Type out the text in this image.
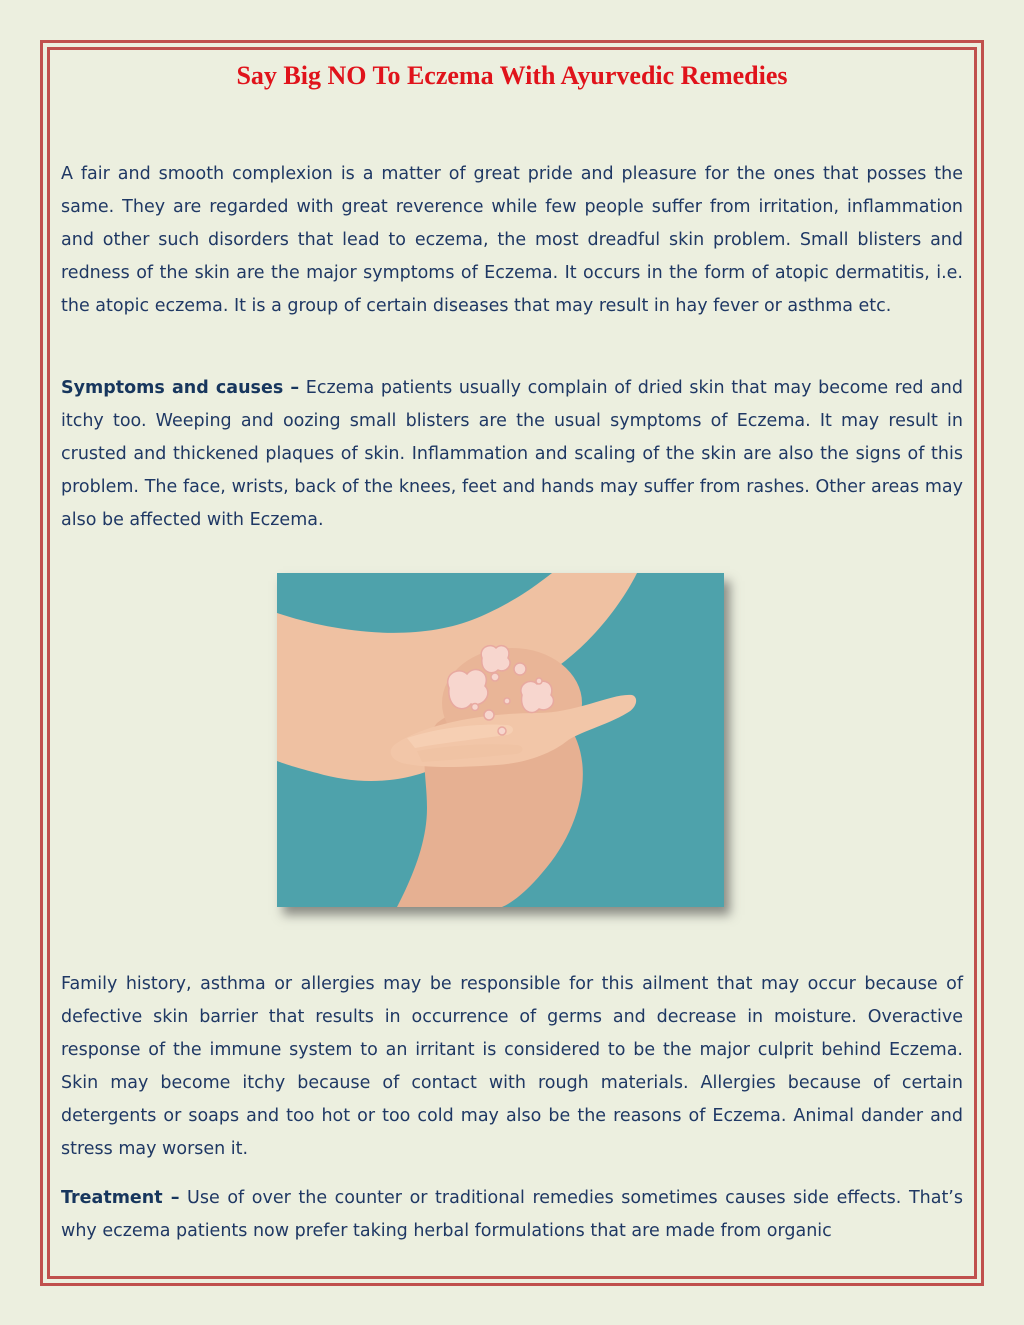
Say Big NO To Eczema With Ayurvedic Remedies

A fair and smooth complexion is a matter of great pride and pleasure for the ones that posses the same. They are regarded with great reverence while few people suffer from irritation, inflammation and other such disorders that lead to eczema, the most dreadful skin problem. Small blisters and redness of the skin are the major symptoms of Eczema. It occurs in the form of atopic dermatitis, i.e. the atopic eczema. It is a group of certain diseases that may result in hay fever or asthma etc.

Symptoms and causes – Eczema patients usually complain of dried skin that may become red and itchy too. Weeping and oozing small blisters are the usual symptoms of Eczema. It may result in crusted and thickened plaques of skin. Inflammation and scaling of the skin are also the signs of this problem. The face, wrists, back of the knees, feet and hands may suffer from rashes. Other areas may also be affected with Eczema.

Family history, asthma or allergies may be responsible for this ailment that may occur because of defective skin barrier that results in occurrence of germs and decrease in moisture. Overactive response of the immune system to an irritant is considered to be the major culprit behind Eczema. Skin may become itchy because of contact with rough materials. Allergies because of certain detergents or soaps and too hot or too cold may also be the reasons of Eczema. Animal dander and stress may worsen it.

Treatment – Use of over the counter or traditional remedies sometimes causes side effects. That’s why eczema patients now prefer taking herbal formulations that are made from organic
